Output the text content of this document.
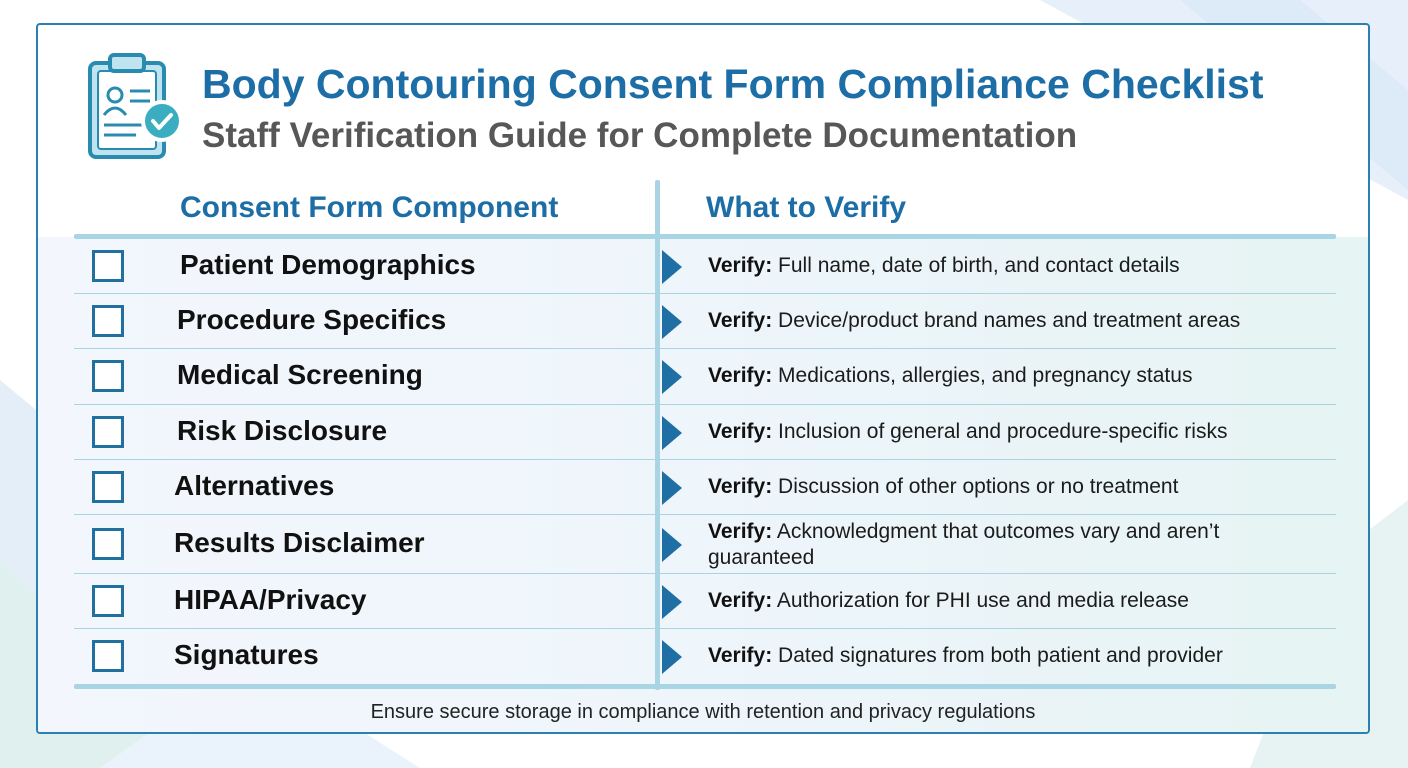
Body Contouring Consent Form Compliance Checklist
Staff Verification Guide for Complete Documentation
Consent Form Component	What to Verify
Patient Demographics	Verify: Full name, date of birth, and contact details
Procedure Specifics	Verify: Device/product brand names and treatment areas
Medical Screening	Verify: Medications, allergies, and pregnancy status
Risk Disclosure	Verify: Inclusion of general and procedure-specific risks
Alternatives	Verify: Discussion of other options or no treatment
Results Disclaimer	Verify: Acknowledgment that outcomes vary and aren’t guaranteed
HIPAA/Privacy	Verify: Authorization for PHI use and media release
Signatures	Verify: Dated signatures from both patient and provider
Ensure secure storage in compliance with retention and privacy regulations
